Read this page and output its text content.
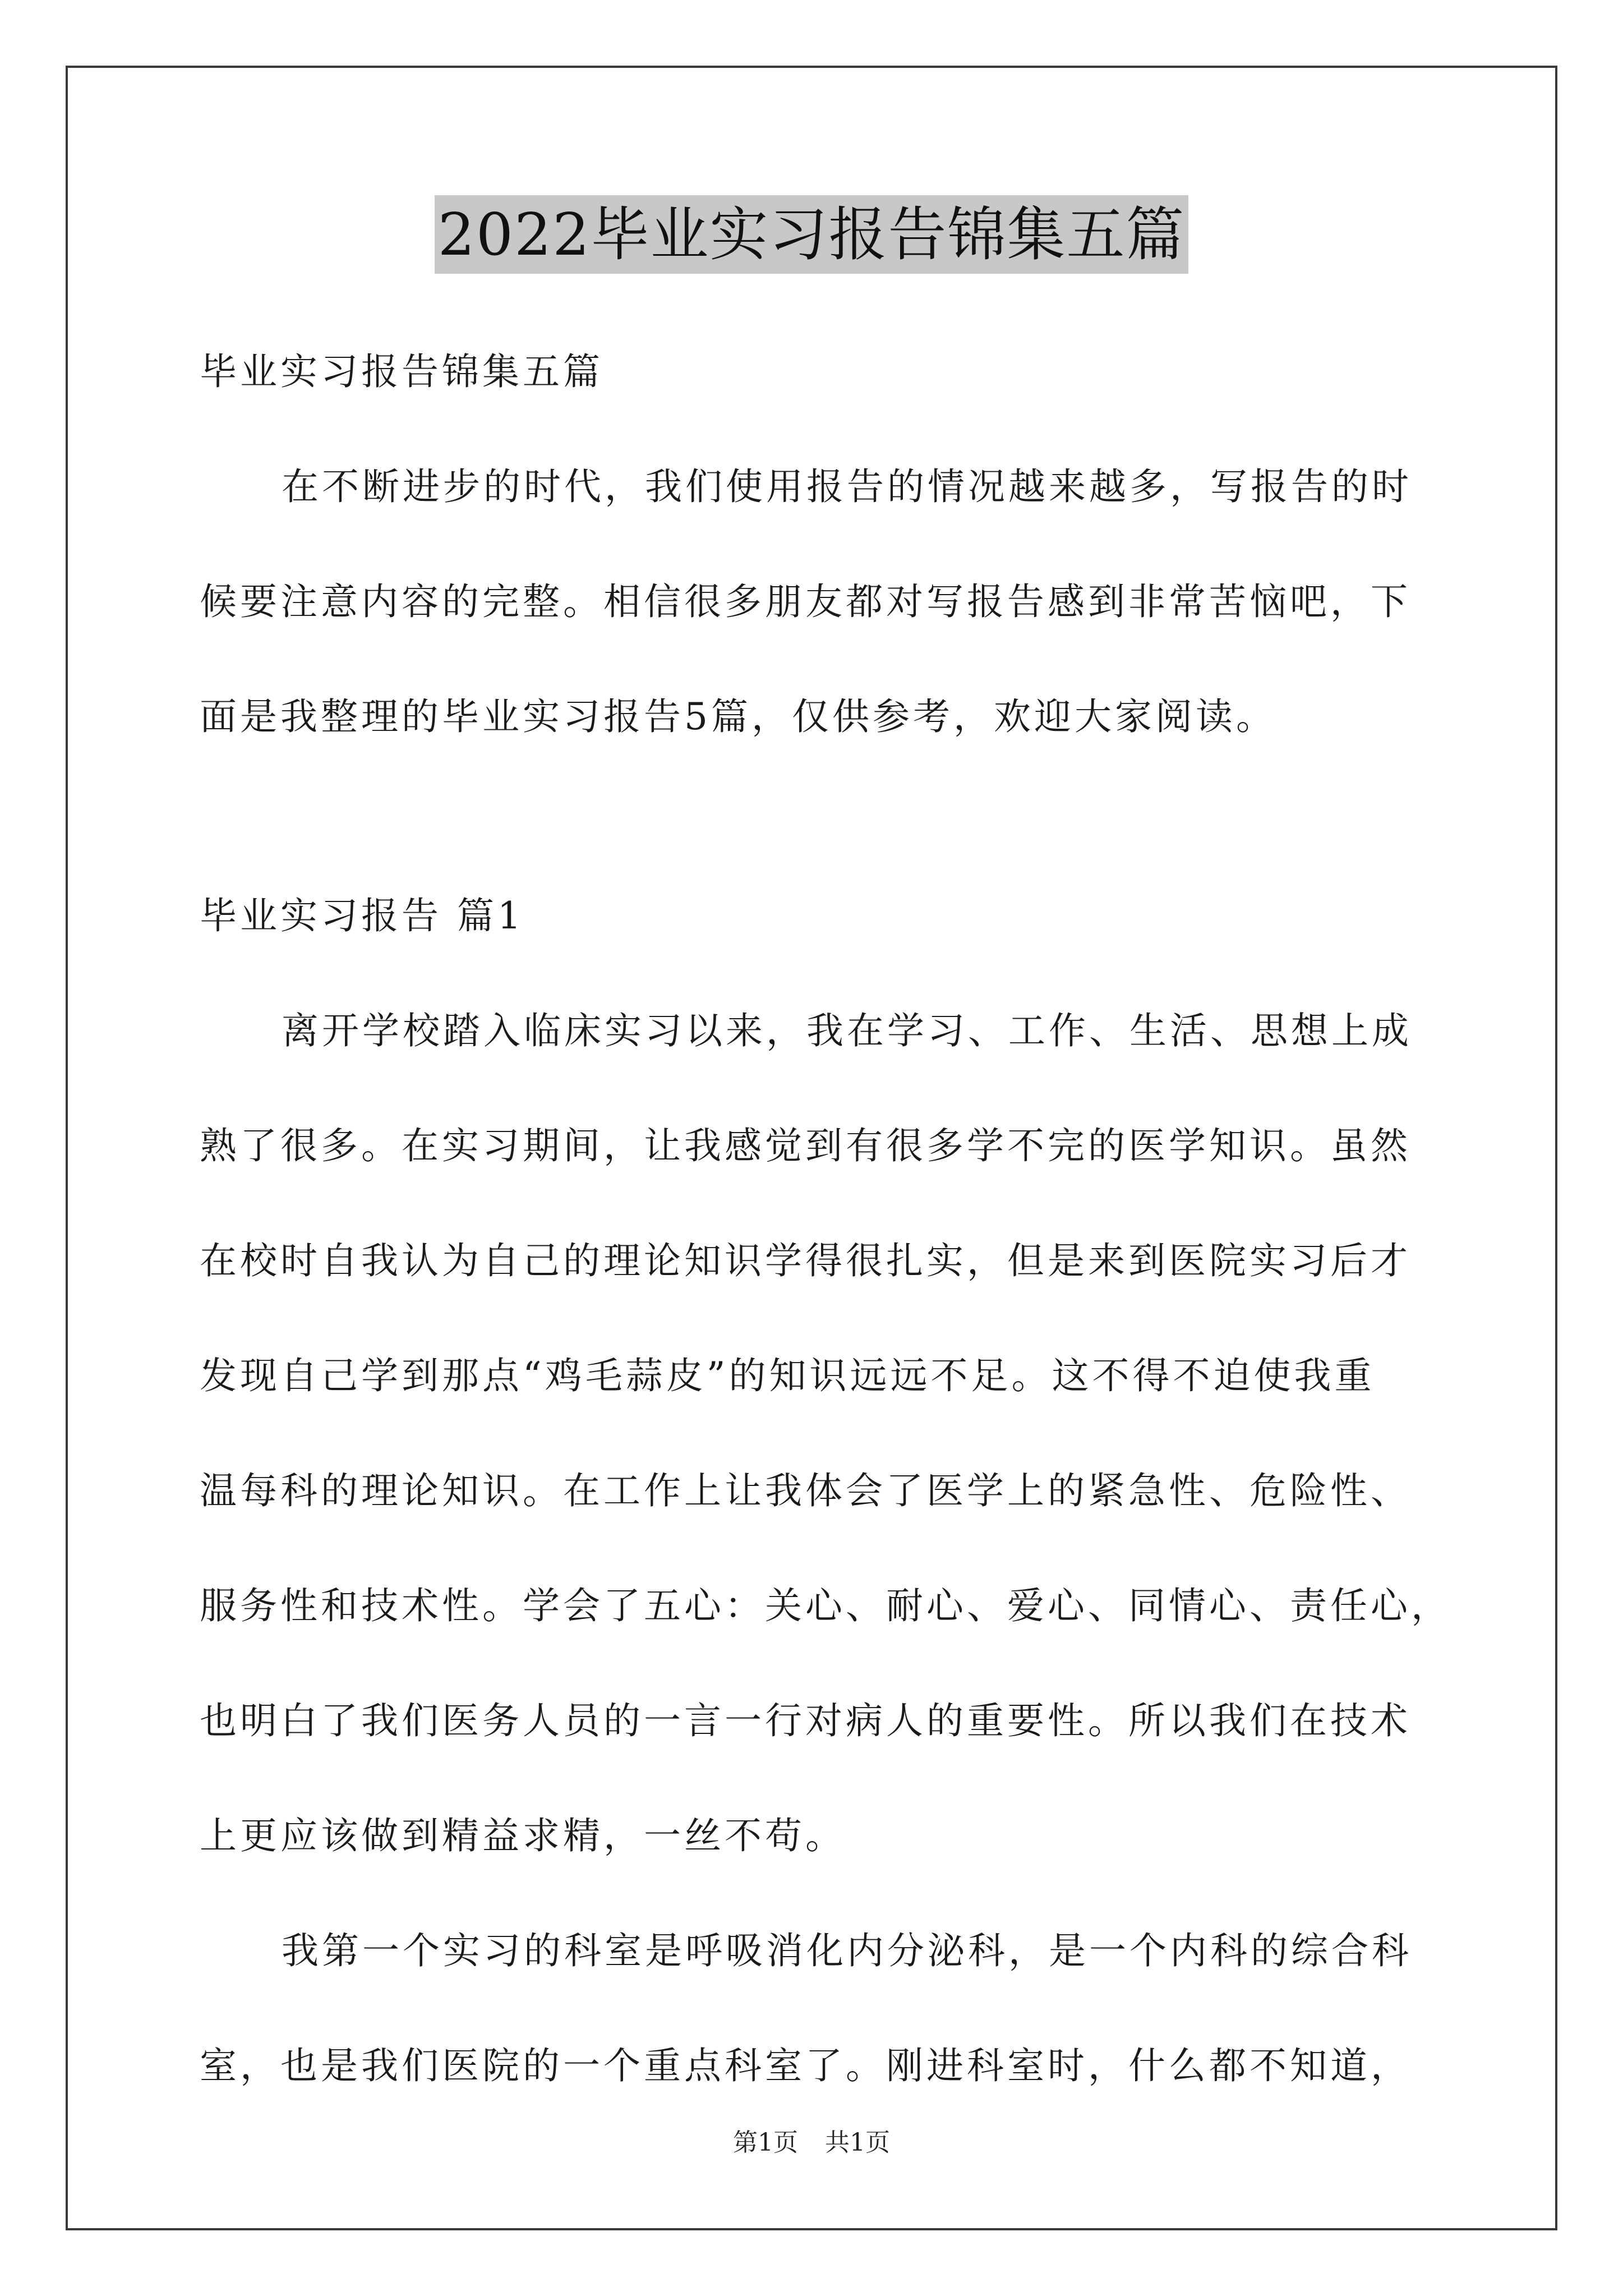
2022毕业实习报告锦集五篇
毕业实习报告锦集五篇
在不断进步的时代，我们使用报告的情况越来越多，写报告的时
候要注意内容的完整。相信很多朋友都对写报告感到非常苦恼吧，下
面是我整理的毕业实习报告5篇，仅供参考，欢迎大家阅读。
毕业实习报告 篇1
离开学校踏入临床实习以来，我在学习、工作、生活、思想上成
熟了很多。在实习期间，让我感觉到有很多学不完的医学知识。虽然
在校时自我认为自己的理论知识学得很扎实，但是来到医院实习后才
发现自己学到那点“鸡毛蒜皮”的知识远远不足。这不得不迫使我重
温每科的理论知识。在工作上让我体会了医学上的紧急性、危险性、
服务性和技术性。学会了五心：关心、耐心、爱心、同情心、责任心，
也明白了我们医务人员的一言一行对病人的重要性。所以我们在技术
上更应该做到精益求精，一丝不苟。
我第一个实习的科室是呼吸消化内分泌科，是一个内科的综合科
室，也是我们医院的一个重点科室了。刚进科室时，什么都不知道，
第1页 共1页
